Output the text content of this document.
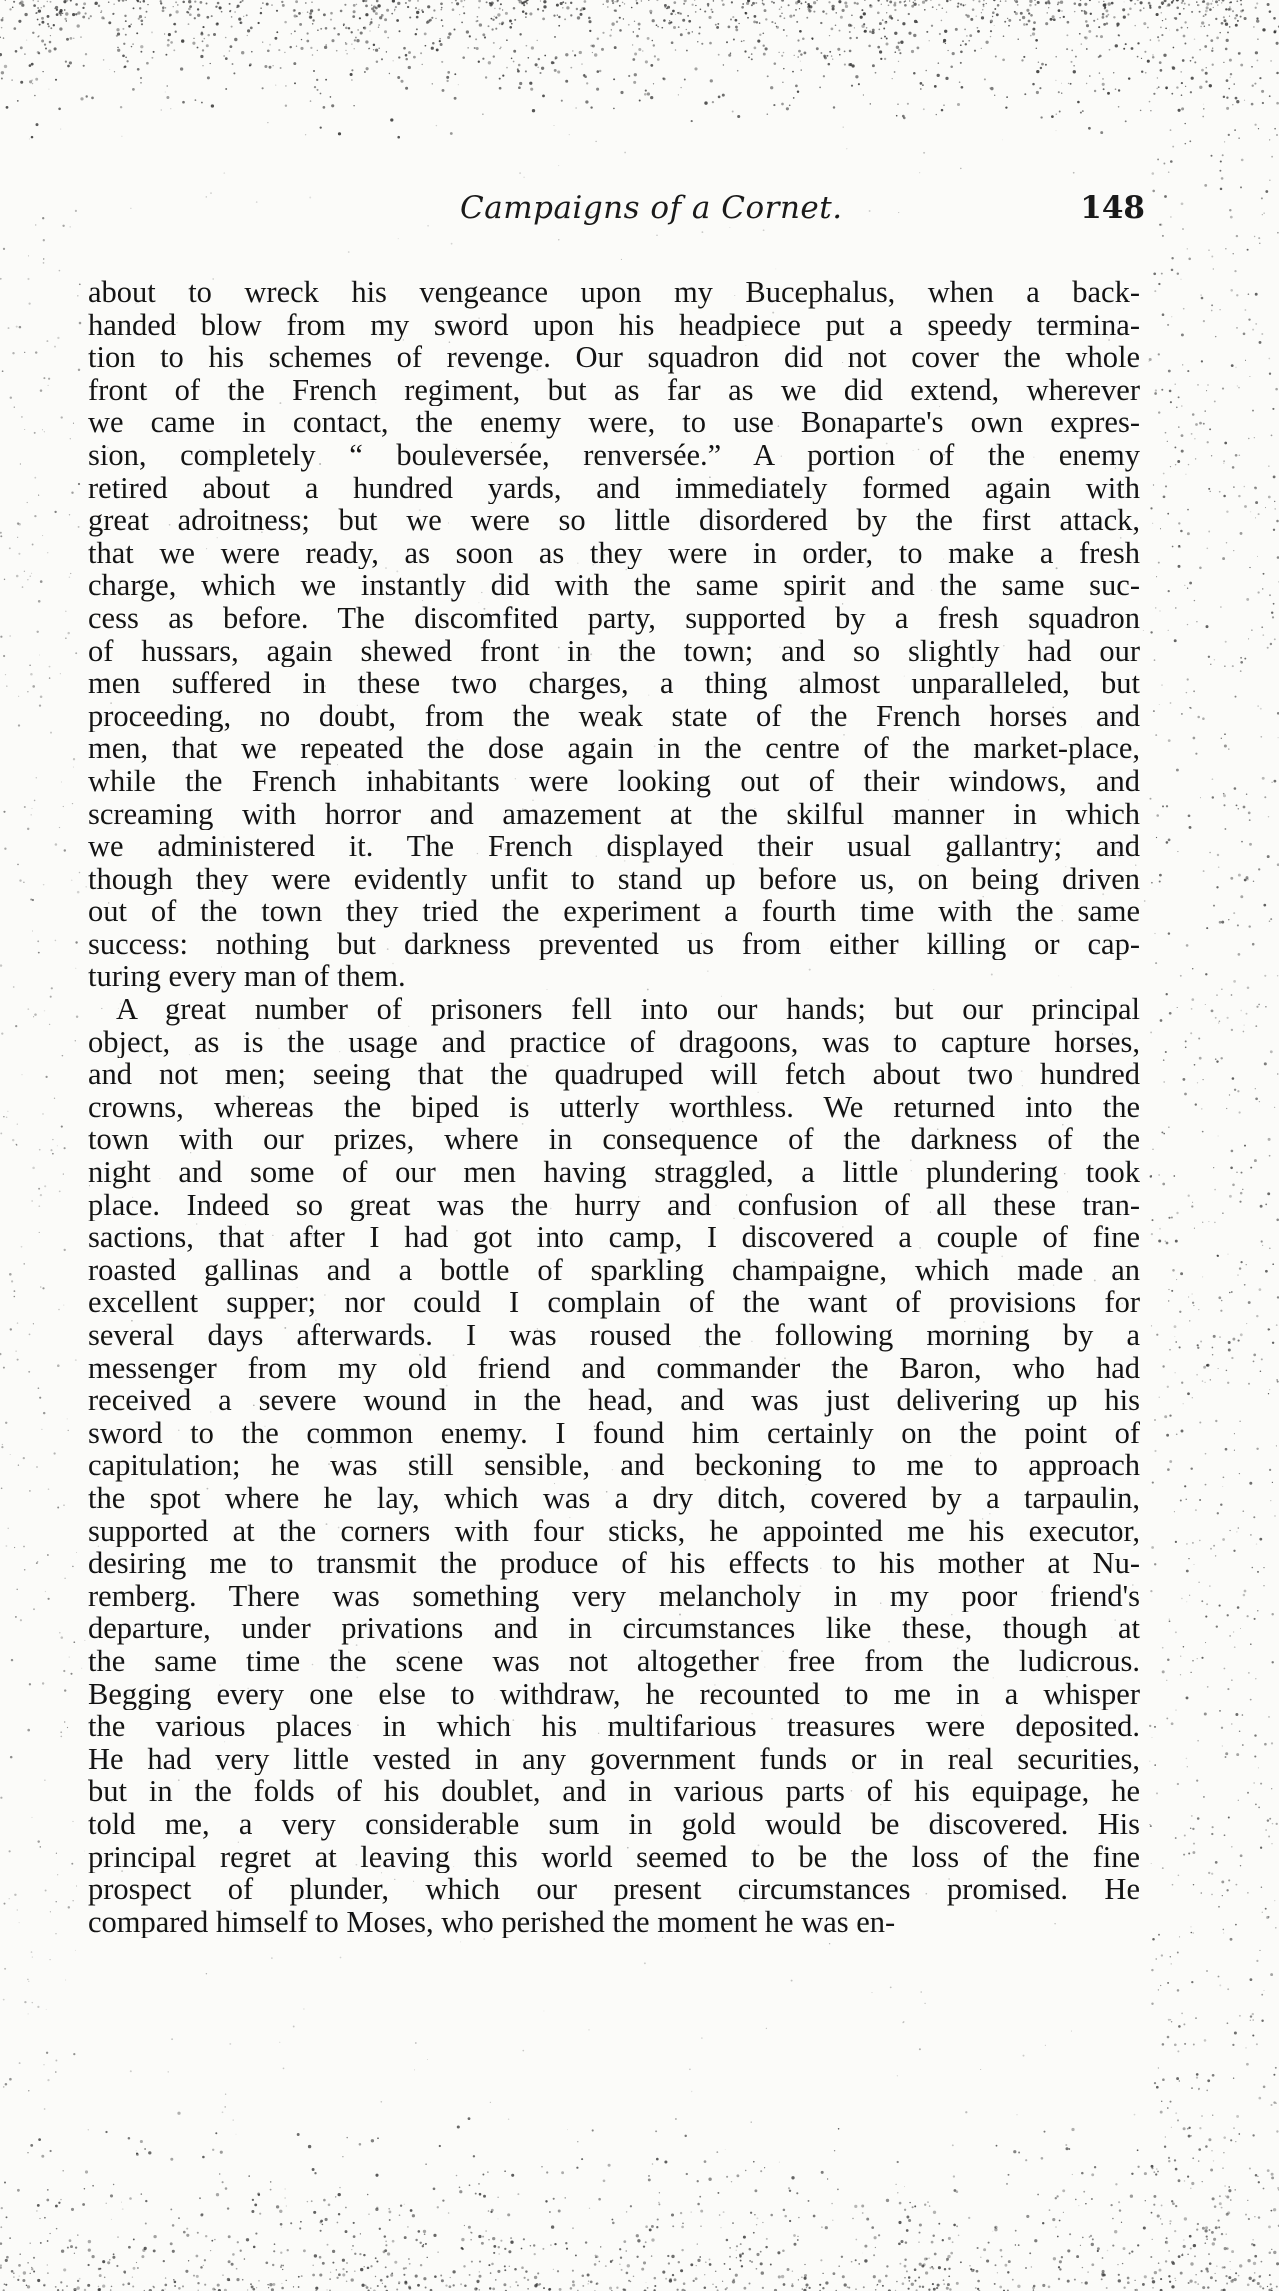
Campaigns of a Cornet.	148
about to wreck his vengeance upon my Bucephalus, when a back-
handed blow from my sword upon his headpiece put a speedy termina-
tion to his schemes of revenge. Our squadron did not cover the whole
front of the French regiment, but as far as we did extend, wherever
we came in contact, the enemy were, to use Bonaparte's own expres-
sion, completely “ bouleversée, renversée.” A portion of the enemy
retired about a hundred yards, and immediately formed again with
great adroitness; but we were so little disordered by the first attack,
that we were ready, as soon as they were in order, to make a fresh
charge, which we instantly did with the same spirit and the same suc-
cess as before. The discomfited party, supported by a fresh squadron
of hussars, again shewed front in the town; and so slightly had our
men suffered in these two charges, a thing almost unparalleled, but
proceeding, no doubt, from the weak state of the French horses and
men, that we repeated the dose again in the centre of the market-place,
while the French inhabitants were looking out of their windows, and
screaming with horror and amazement at the skilful manner in which
we administered it. The French displayed their usual gallantry; and
though they were evidently unfit to stand up before us, on being driven
out of the town they tried the experiment a fourth time with the same
success: nothing but darkness prevented us from either killing or cap-
turing every man of them.
A great number of prisoners fell into our hands; but our principal
object, as is the usage and practice of dragoons, was to capture horses,
and not men; seeing that the quadruped will fetch about two hundred
crowns, whereas the biped is utterly worthless. We returned into the
town with our prizes, where in consequence of the darkness of the
night and some of our men having straggled, a little plundering took
place. Indeed so great was the hurry and confusion of all these tran-
sactions, that after I had got into camp, I discovered a couple of fine
roasted gallinas and a bottle of sparkling champaigne, which made an
excellent supper; nor could I complain of the want of provisions for
several days afterwards. I was roused the following morning by a
messenger from my old friend and commander the Baron, who had
received a severe wound in the head, and was just delivering up his
sword to the common enemy. I found him certainly on the point of
capitulation; he was still sensible, and beckoning to me to approach
the spot where he lay, which was a dry ditch, covered by a tarpaulin,
supported at the corners with four sticks, he appointed me his executor,
desiring me to transmit the produce of his effects to his mother at Nu-
remberg. There was something very melancholy in my poor friend's
departure, under privations and in circumstances like these, though at
the same time the scene was not altogether free from the ludicrous.
Begging every one else to withdraw, he recounted to me in a whisper
the various places in which his multifarious treasures were deposited.
He had very little vested in any government funds or in real securities,
but in the folds of his doublet, and in various parts of his equipage, he
told me, a very considerable sum in gold would be discovered. His
principal regret at leaving this world seemed to be the loss of the fine
prospect of plunder, which our present circumstances promised. He
compared himself to Moses, who perished the moment he was en-
